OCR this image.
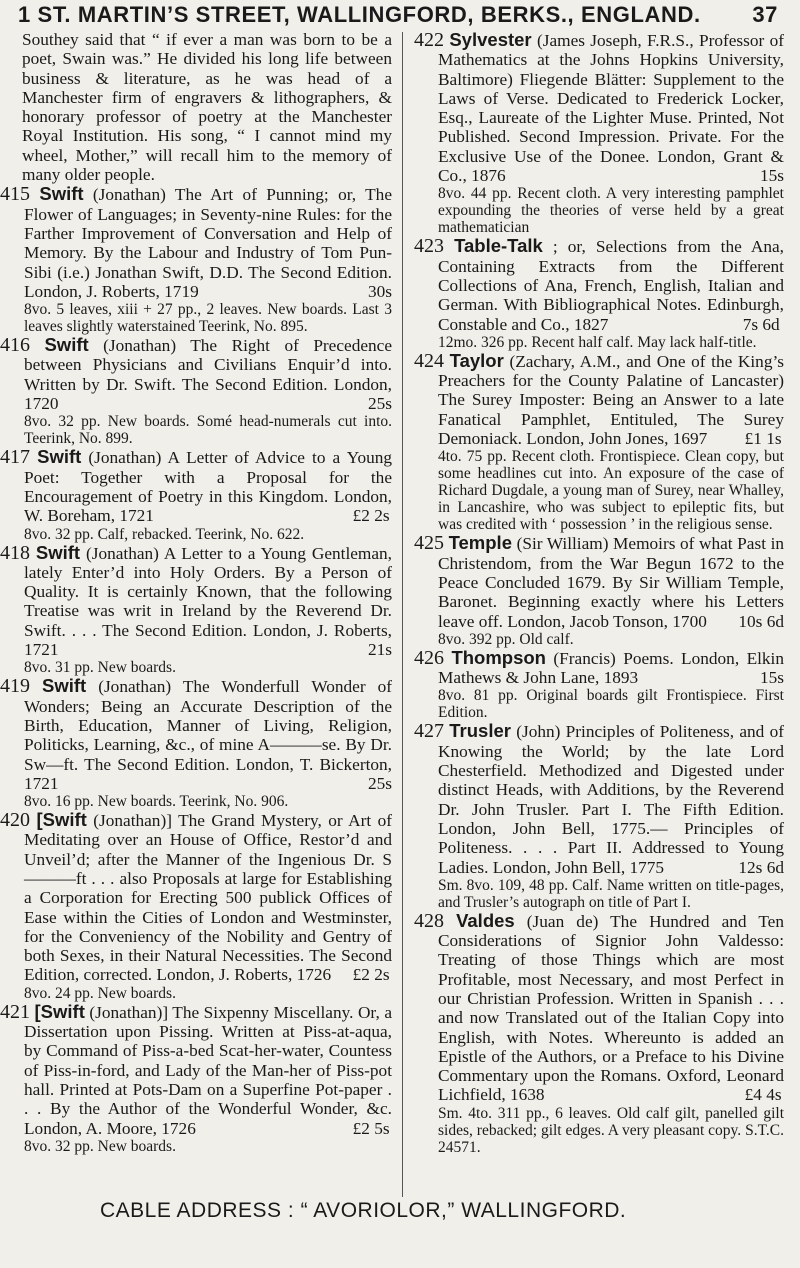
1 ST. MARTIN’S STREET, WALLINGFORD, BERKS., ENGLAND. 37

Southey said that “ if ever a man was born to be a poet, Swain was.” He divided his long life between business & literature, as he was head of a Manchester firm of engravers & lithographers, & honorary professor of poetry at the Manchester Royal Institution. His song, “ I cannot mind my wheel, Mother,” will recall him to the memory of many older people.

415 Swift (Jonathan) The Art of Punning; or, The Flower of Languages; in Seventy-nine Rules: for the Farther Improvement of Conversation and Help of Memory. By the Labour and Industry of Tom Pun-Sibi (i.e.) Jonathan Swift, D.D. The Second Edition. London, J. Roberts, 1719	30s

8vo. 5 leaves, xiii + 27 pp., 2 leaves. New boards. Last 3 leaves slightly waterstained Teerink, No. 895.

416 Swift (Jonathan) The Right of Precedence between Physicians and Civilians Enquir’d into. Written by Dr. Swift. The Second Edition. London, 1720	25s

8vo. 32 pp. New boards. Somé head-numerals cut into. Teerink, No. 899.

417 Swift (Jonathan) A Letter of Advice to a Young Poet: Together with a Proposal for the Encouragement of Poetry in this Kingdom. London, W. Boreham, 1721	£2 2s

8vo. 32 pp. Calf, rebacked. Teerink, No. 622.

418 Swift (Jonathan) A Letter to a Young Gentleman, lately Enter’d into Holy Orders. By a Person of Quality. It is certainly Known, that the following Treatise was writ in Ireland by the Reverend Dr. Swift. . . . The Second Edition. London, J. Roberts, 1721	21s

8vo. 31 pp. New boards.

419 Swift (Jonathan) The Wonderfull Wonder of Wonders; Being an Accurate Description of the Birth, Education, Manner of Living, Religion, Politicks, Learning, &c., of mine A———se. By Dr. Sw—ft. The Second Edition. London, T. Bickerton, 1721	25s

8vo. 16 pp. New boards. Teerink, No. 906.

420 [Swift (Jonathan)] The Grand Mystery, or Art of Meditating over an House of Office, Restor’d and Unveil’d; after the Manner of the Ingenious Dr. S———ft . . . also Proposals at large for Establishing a Corporation for Erecting 500 publick Offices of Ease within the Cities of London and Westminster, for the Conveniency of the Nobility and Gentry of both Sexes, in their Natural Necessities. The Second Edition, corrected. London, J. Roberts, 1726 £2 2s

8vo. 24 pp. New boards.

421 [Swift (Jonathan)] The Sixpenny Miscellany. Or, a Dissertation upon Pissing. Written at Piss-at-aqua, by Command of Piss-a-bed Scat-her-water, Countess of Piss-in-ford, and Lady of the Man-her of Piss-pot hall. Printed at Pots-Dam on a Superfine Pot-paper . . . By the Author of the Wonderful Wonder, &c. London, A. Moore, 1726	£2 5s

8vo. 32 pp. New boards.

422 Sylvester (James Joseph, F.R.S., Professor of Mathematics at the Johns Hopkins University, Baltimore) Fliegende Blätter: Supplement to the Laws of Verse. Dedicated to Frederick Locker, Esq., Laureate of the Lighter Muse. Printed, Not Published. Second Impression. Private. For the Exclusive Use of the Donee. London, Grant & Co., 1876	15s

8vo. 44 pp. Recent cloth. A very interesting pamphlet expounding the theories of verse held by a great mathematician

423 Table-Talk ; or, Selections from the Ana, Containing Extracts from the Different Collections of Ana, French, English, Italian and German. With Bibliographical Notes. Edinburgh, Constable and Co., 1827	7s 6d

12mo. 326 pp. Recent half calf. May lack half-title.

424 Taylor (Zachary, A.M., and One of the King’s Preachers for the County Palatine of Lancaster) The Surey Imposter: Being an Answer to a late Fanatical Pamphlet, Entituled, The Surey Demoniack. London, John Jones, 1697 £1 1s

4to. 75 pp. Recent cloth. Frontispiece. Clean copy, but some headlines cut into. An exposure of the case of Richard Dugdale, a young man of Surey, near Whalley, in Lancashire, who was subject to epileptic fits, but was credited with ‘ possession ’ in the religious sense.

425 Temple (Sir William) Memoirs of what Past in Christendom, from the War Begun 1672 to the Peace Concluded 1679. By Sir William Temple, Baronet. Beginning exactly where his Letters leave off. London, Jacob Tonson, 1700 10s 6d

8vo. 392 pp. Old calf.

426 Thompson (Francis) Poems. London, Elkin Mathews & John Lane, 1893	15s

8vo. 81 pp. Original boards gilt Frontispiece. First Edition.

427 Trusler (John) Principles of Politeness, and of Knowing the World; by the late Lord Chesterfield. Methodized and Digested under distinct Heads, with Additions, by the Reverend Dr. John Trusler. Part I. The Fifth Edition. London, John Bell, 1775.— Principles of Politeness. . . . Part II. Addressed to Young Ladies. London, John Bell, 1775	12s 6d

Sm. 8vo. 109, 48 pp. Calf. Name written on title-pages, and Trusler’s autograph on title of Part I.

428 Valdes (Juan de) The Hundred and Ten Considerations of Signior John Valdesso: Treating of those Things which are most Profitable, most Necessary, and most Perfect in our Christian Profession. Written in Spanish . . . and now Translated out of the Italian Copy into English, with Notes. Whereunto is added an Epistle of the Authors, or a Preface to his Divine Commentary upon the Romans. Oxford, Leonard Lichfield, 1638	£4 4s

Sm. 4to. 311 pp., 6 leaves. Old calf gilt, panelled gilt sides, rebacked; gilt edges. A very pleasant copy. S.T.C. 24571.

CABLE ADDRESS : “ AVORIOLOR,” WALLINGFORD.
